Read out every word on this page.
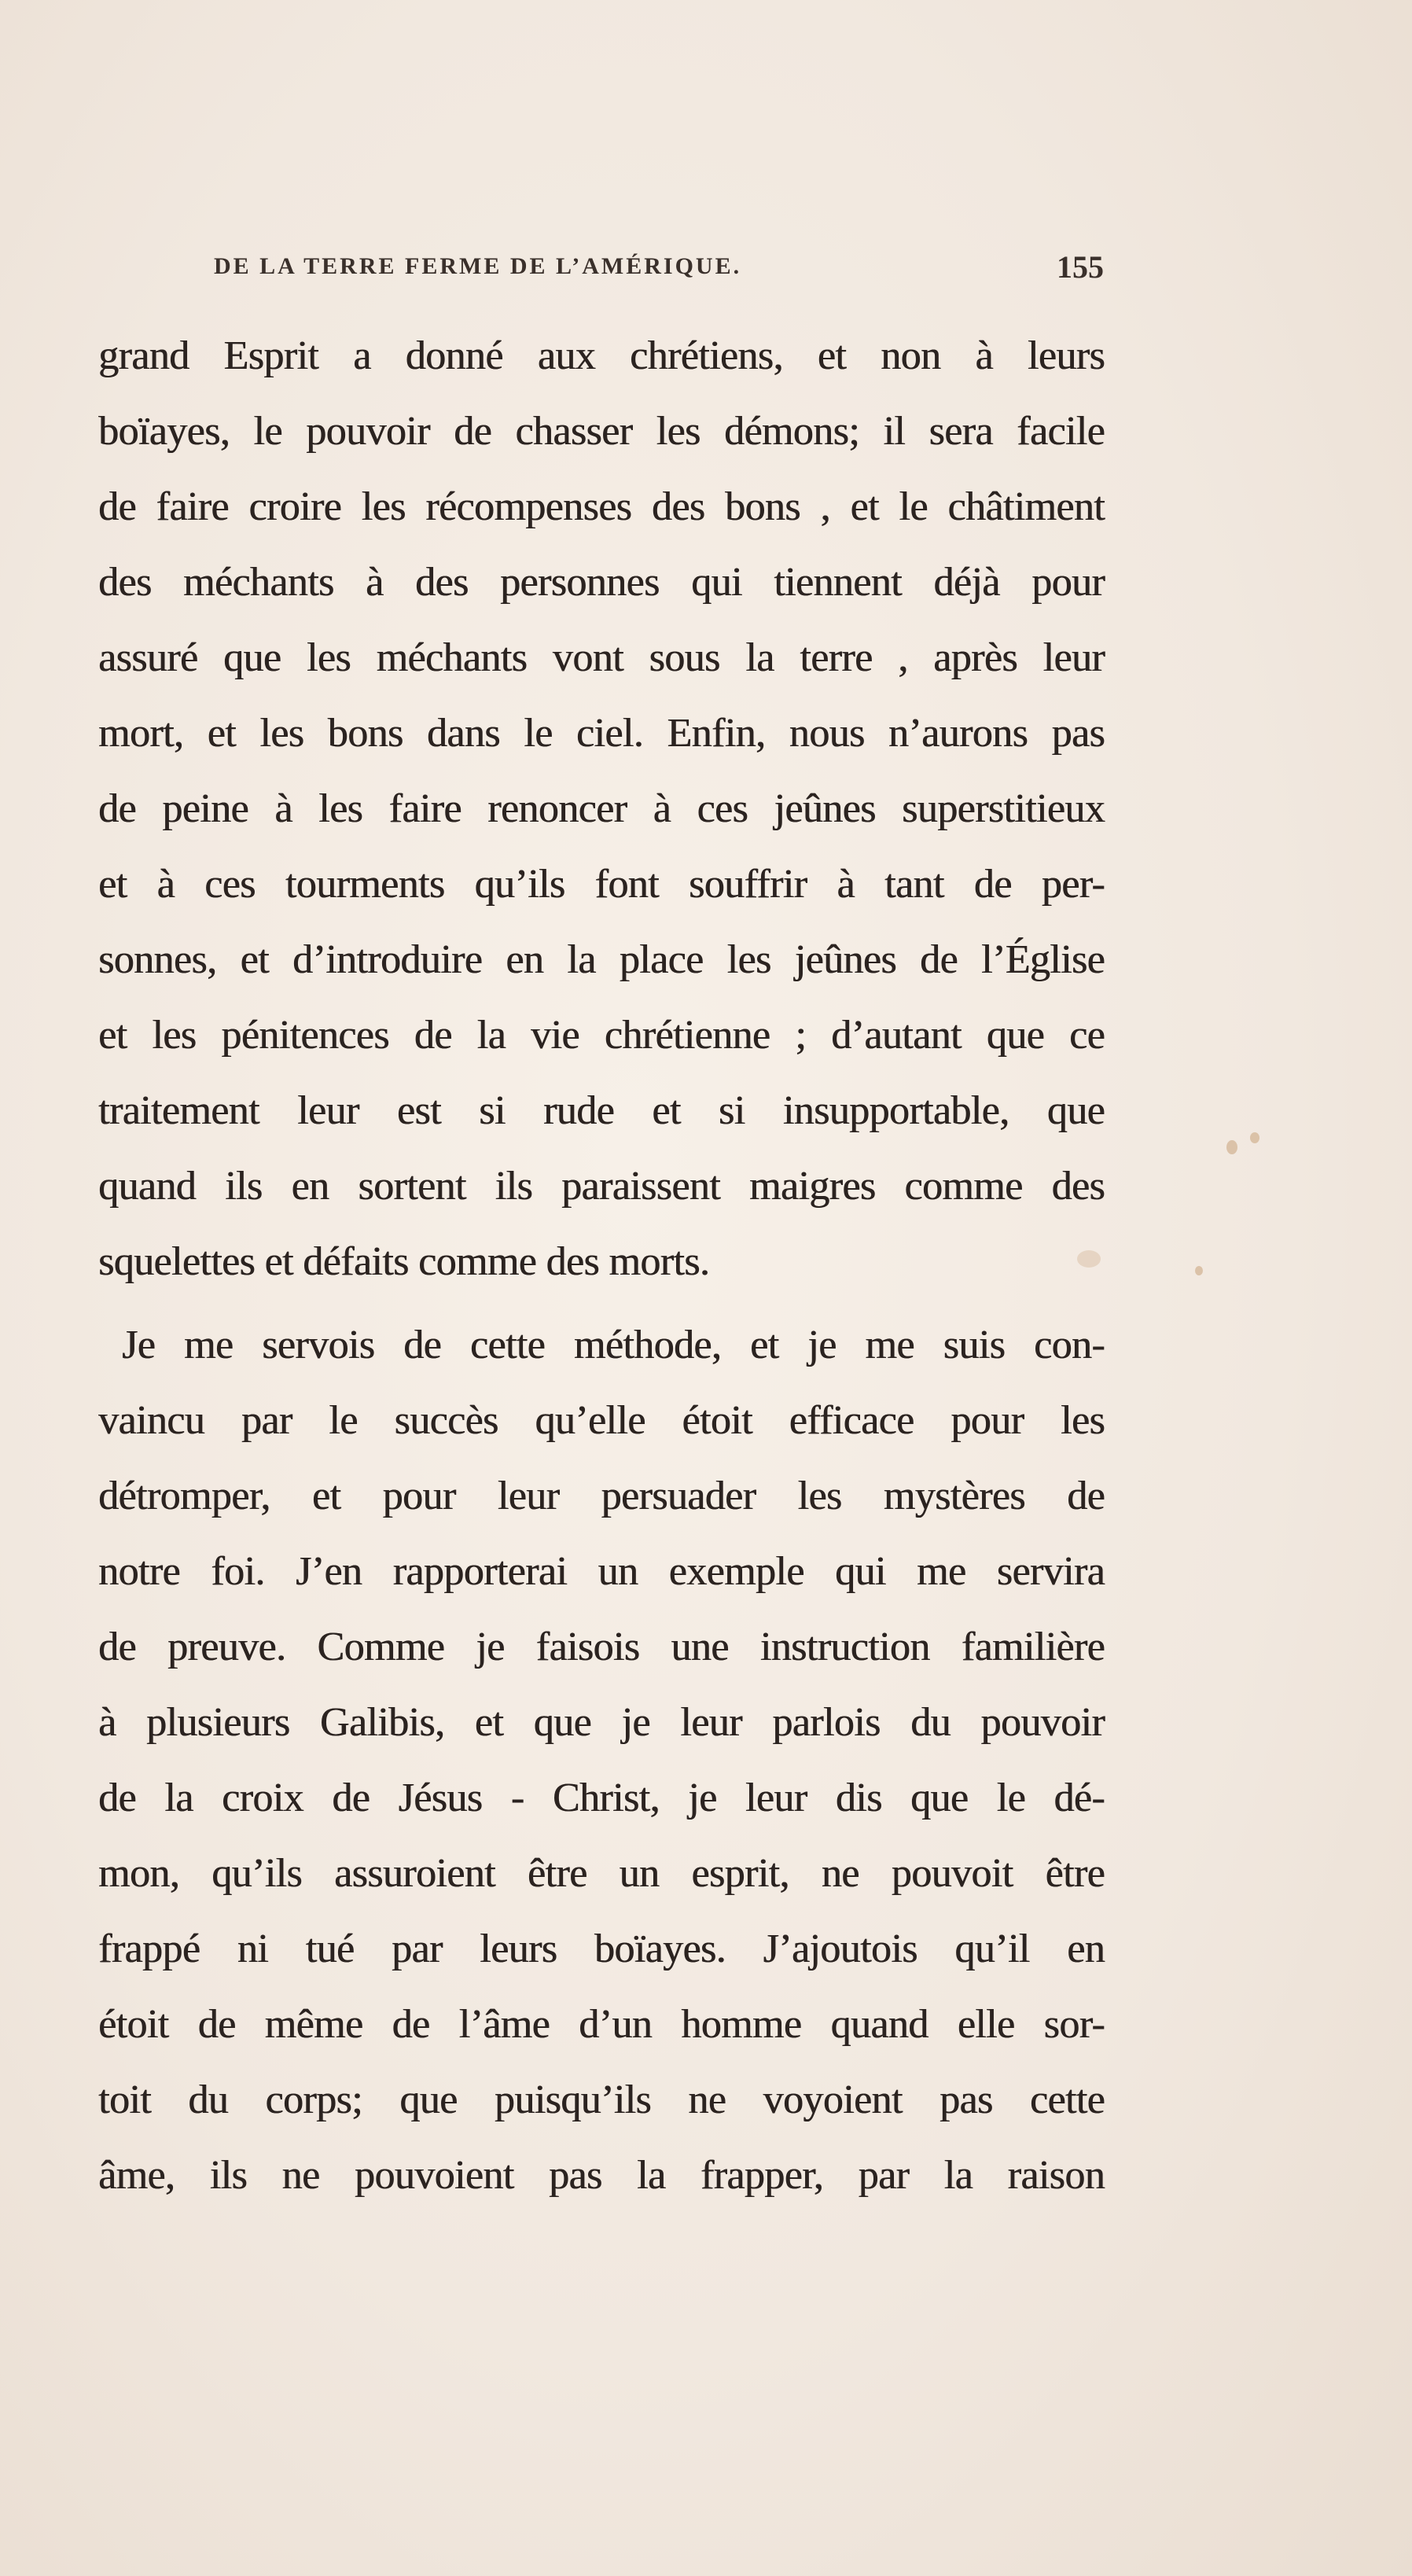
DE LA TERRE FERME DE L’AMÉRIQUE.	155
grand Esprit a donné aux chrétiens, et non à leurs
boïayes, le pouvoir de chasser les démons; il sera facile
de faire croire les récompenses des bons , et le châtiment
des méchants à des personnes qui tiennent déjà pour
assuré que les méchants vont sous la terre , après leur
mort, et les bons dans le ciel. Enfin, nous n’aurons pas
de peine à les faire renoncer à ces jeûnes superstitieux
et à ces tourments qu’ils font souffrir à tant de per-
sonnes, et d’introduire en la place les jeûnes de l’Église
et les pénitences de la vie chrétienne ; d’autant que ce
traitement leur est si rude et si insupportable, que
quand ils en sortent ils paraissent maigres comme des
squelettes et défaits comme des morts.
Je me servois de cette méthode, et je me suis con-
vaincu par le succès qu’elle étoit efficace pour les
détromper, et pour leur persuader les mystères de
notre foi. J’en rapporterai un exemple qui me servira
de preuve. Comme je faisois une instruction familière
à plusieurs Galibis, et que je leur parlois du pouvoir
de la croix de Jésus - Christ, je leur dis que le dé-
mon, qu’ils assuroient être un esprit, ne pouvoit être
frappé ni tué par leurs boïayes. J’ajoutois qu’il en
étoit de même de l’âme d’un homme quand elle sor-
toit du corps; que puisqu’ils ne voyoient pas cette
âme, ils ne pouvoient pas la frapper, par la raison
